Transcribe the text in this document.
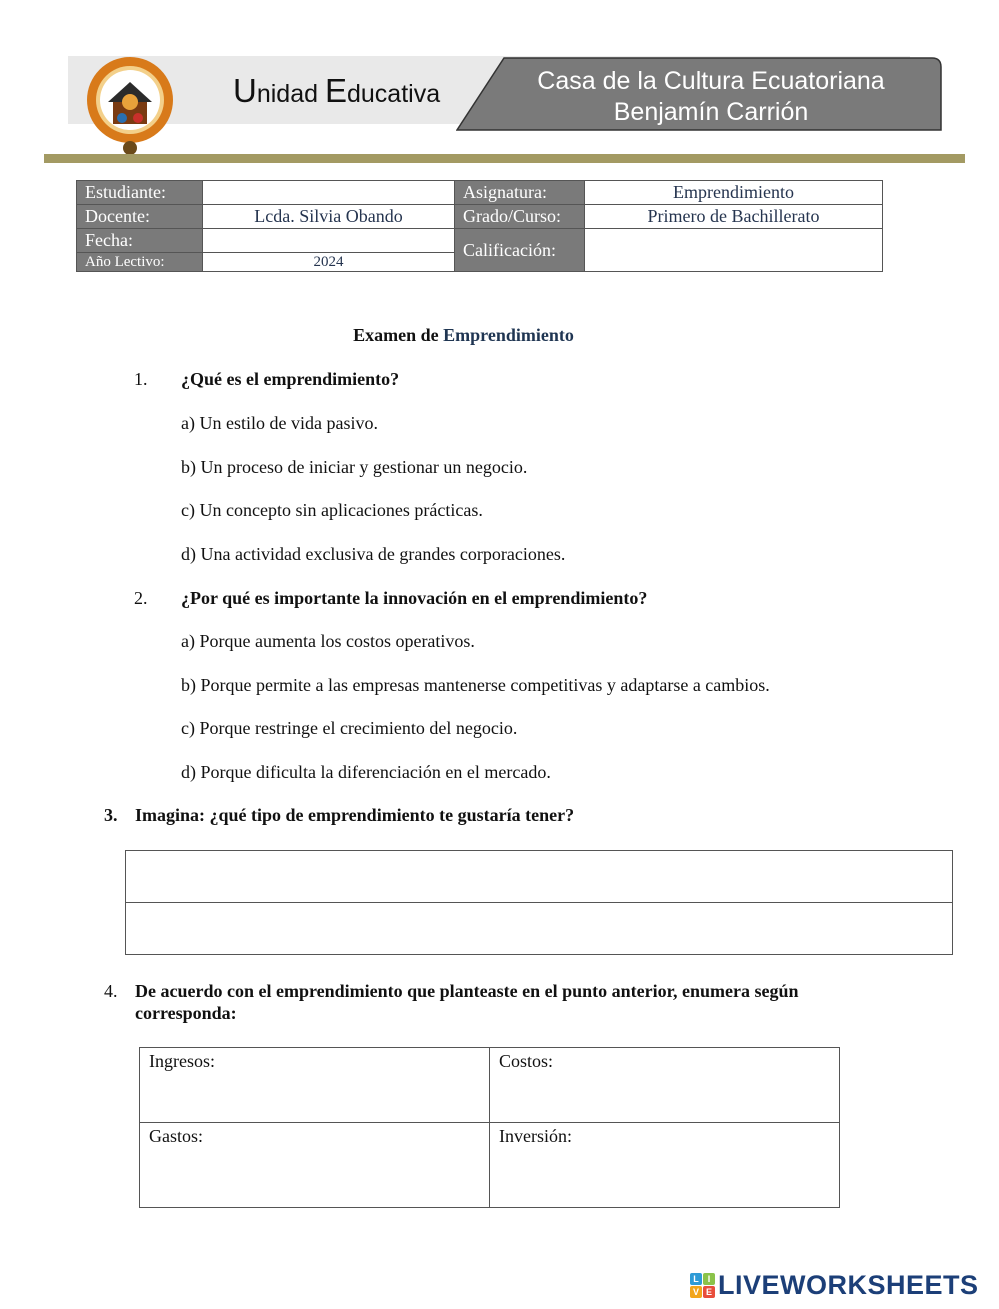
Unidad Educativa	Casa de la Cultura Ecuatoriana
Benjamín Carrión
Estudiante:		Asignatura:	Emprendimiento
Docente:	Lcda. Silvia Obando	Grado/Curso:	Primero de Bachillerato
Fecha:		Calificación:	
Año Lectivo:	2024		
Examen de Emprendimiento
1. ¿Qué es el emprendimiento?
a) Un estilo de vida pasivo.
b) Un proceso de iniciar y gestionar un negocio.
c) Un concepto sin aplicaciones prácticas.
d) Una actividad exclusiva de grandes corporaciones.
2. ¿Por qué es importante la innovación en el emprendimiento?
a) Porque aumenta los costos operativos.
b) Porque permite a las empresas mantenerse competitivas y adaptarse a cambios.
c) Porque restringe el crecimiento del negocio.
d) Porque dificulta la diferenciación en el mercado.
3. Imagina: ¿qué tipo de emprendimiento te gustaría tener?
4. De acuerdo con el emprendimiento que planteaste en el punto anterior, enumera según
corresponda:
Ingresos:	Costos:
Gastos:	Inversión:
L I
V E LIVEWORKSHEETS
